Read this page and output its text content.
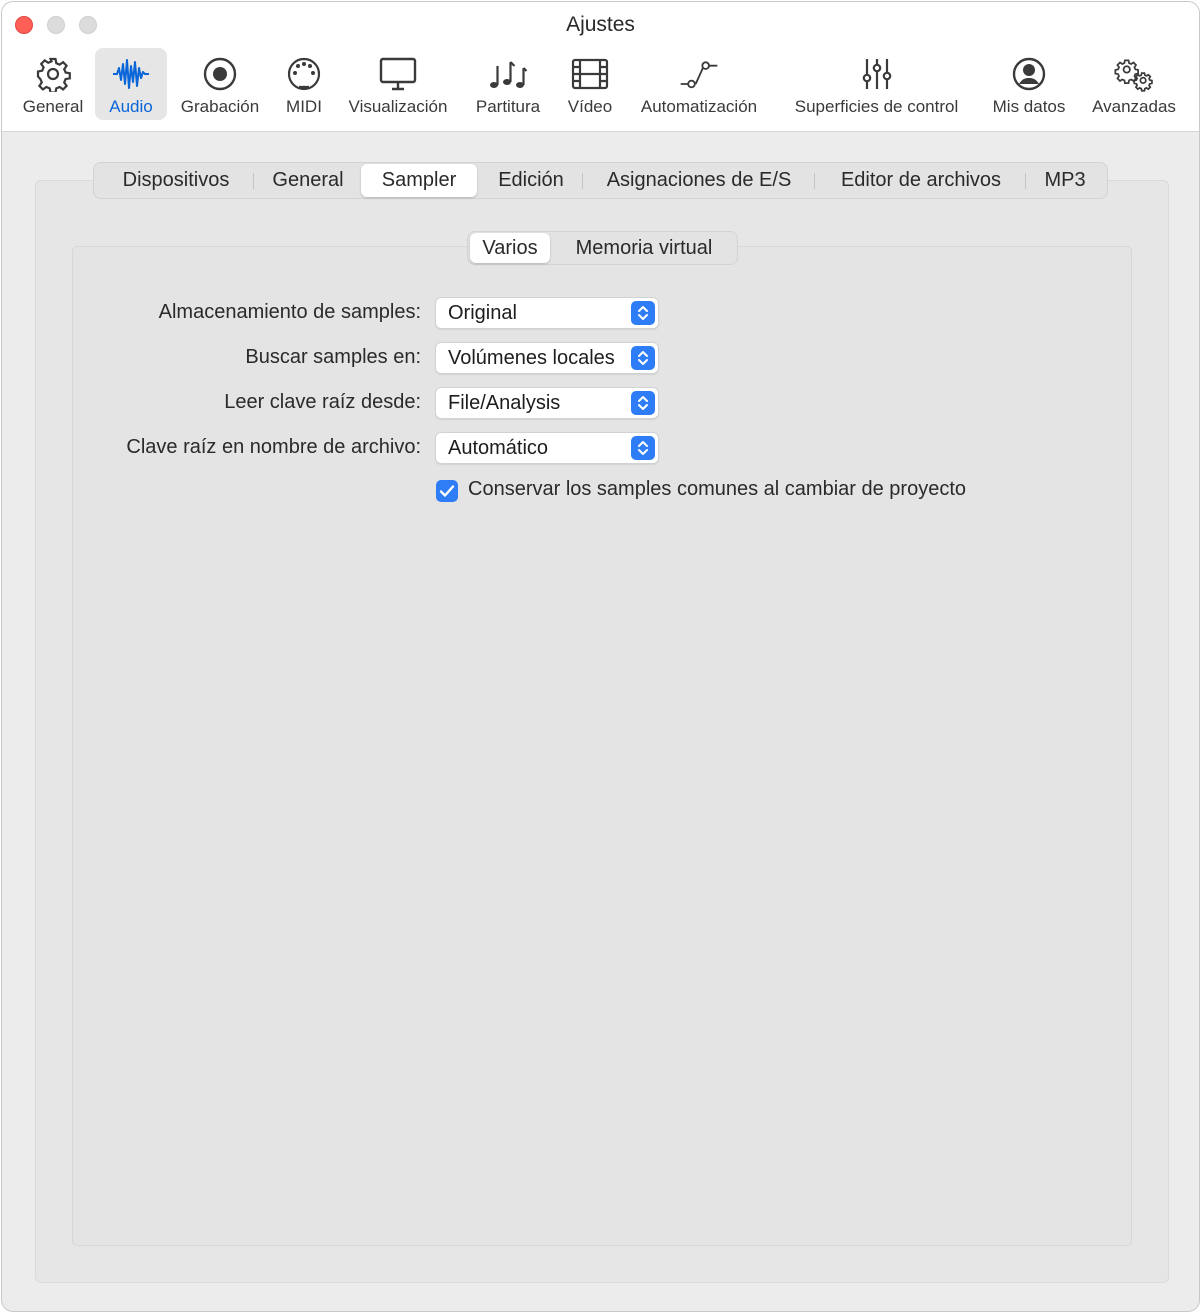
Ajustes
General Audio Grabación MIDI Visualización Partitura Vídeo Automatización Superficies de control Mis datos Avanzadas
Dispositivos	General	Sampler	Edición	Asignaciones de E/S	Editor de archivos	MP3
Varios	Memoria virtual
Almacenamiento de samples: Original
Buscar samples en: Volúmenes locales
Leer clave raíz desde: File/Analysis
Clave raíz en nombre de archivo: Automático
Conservar los samples comunes al cambiar de proyecto
